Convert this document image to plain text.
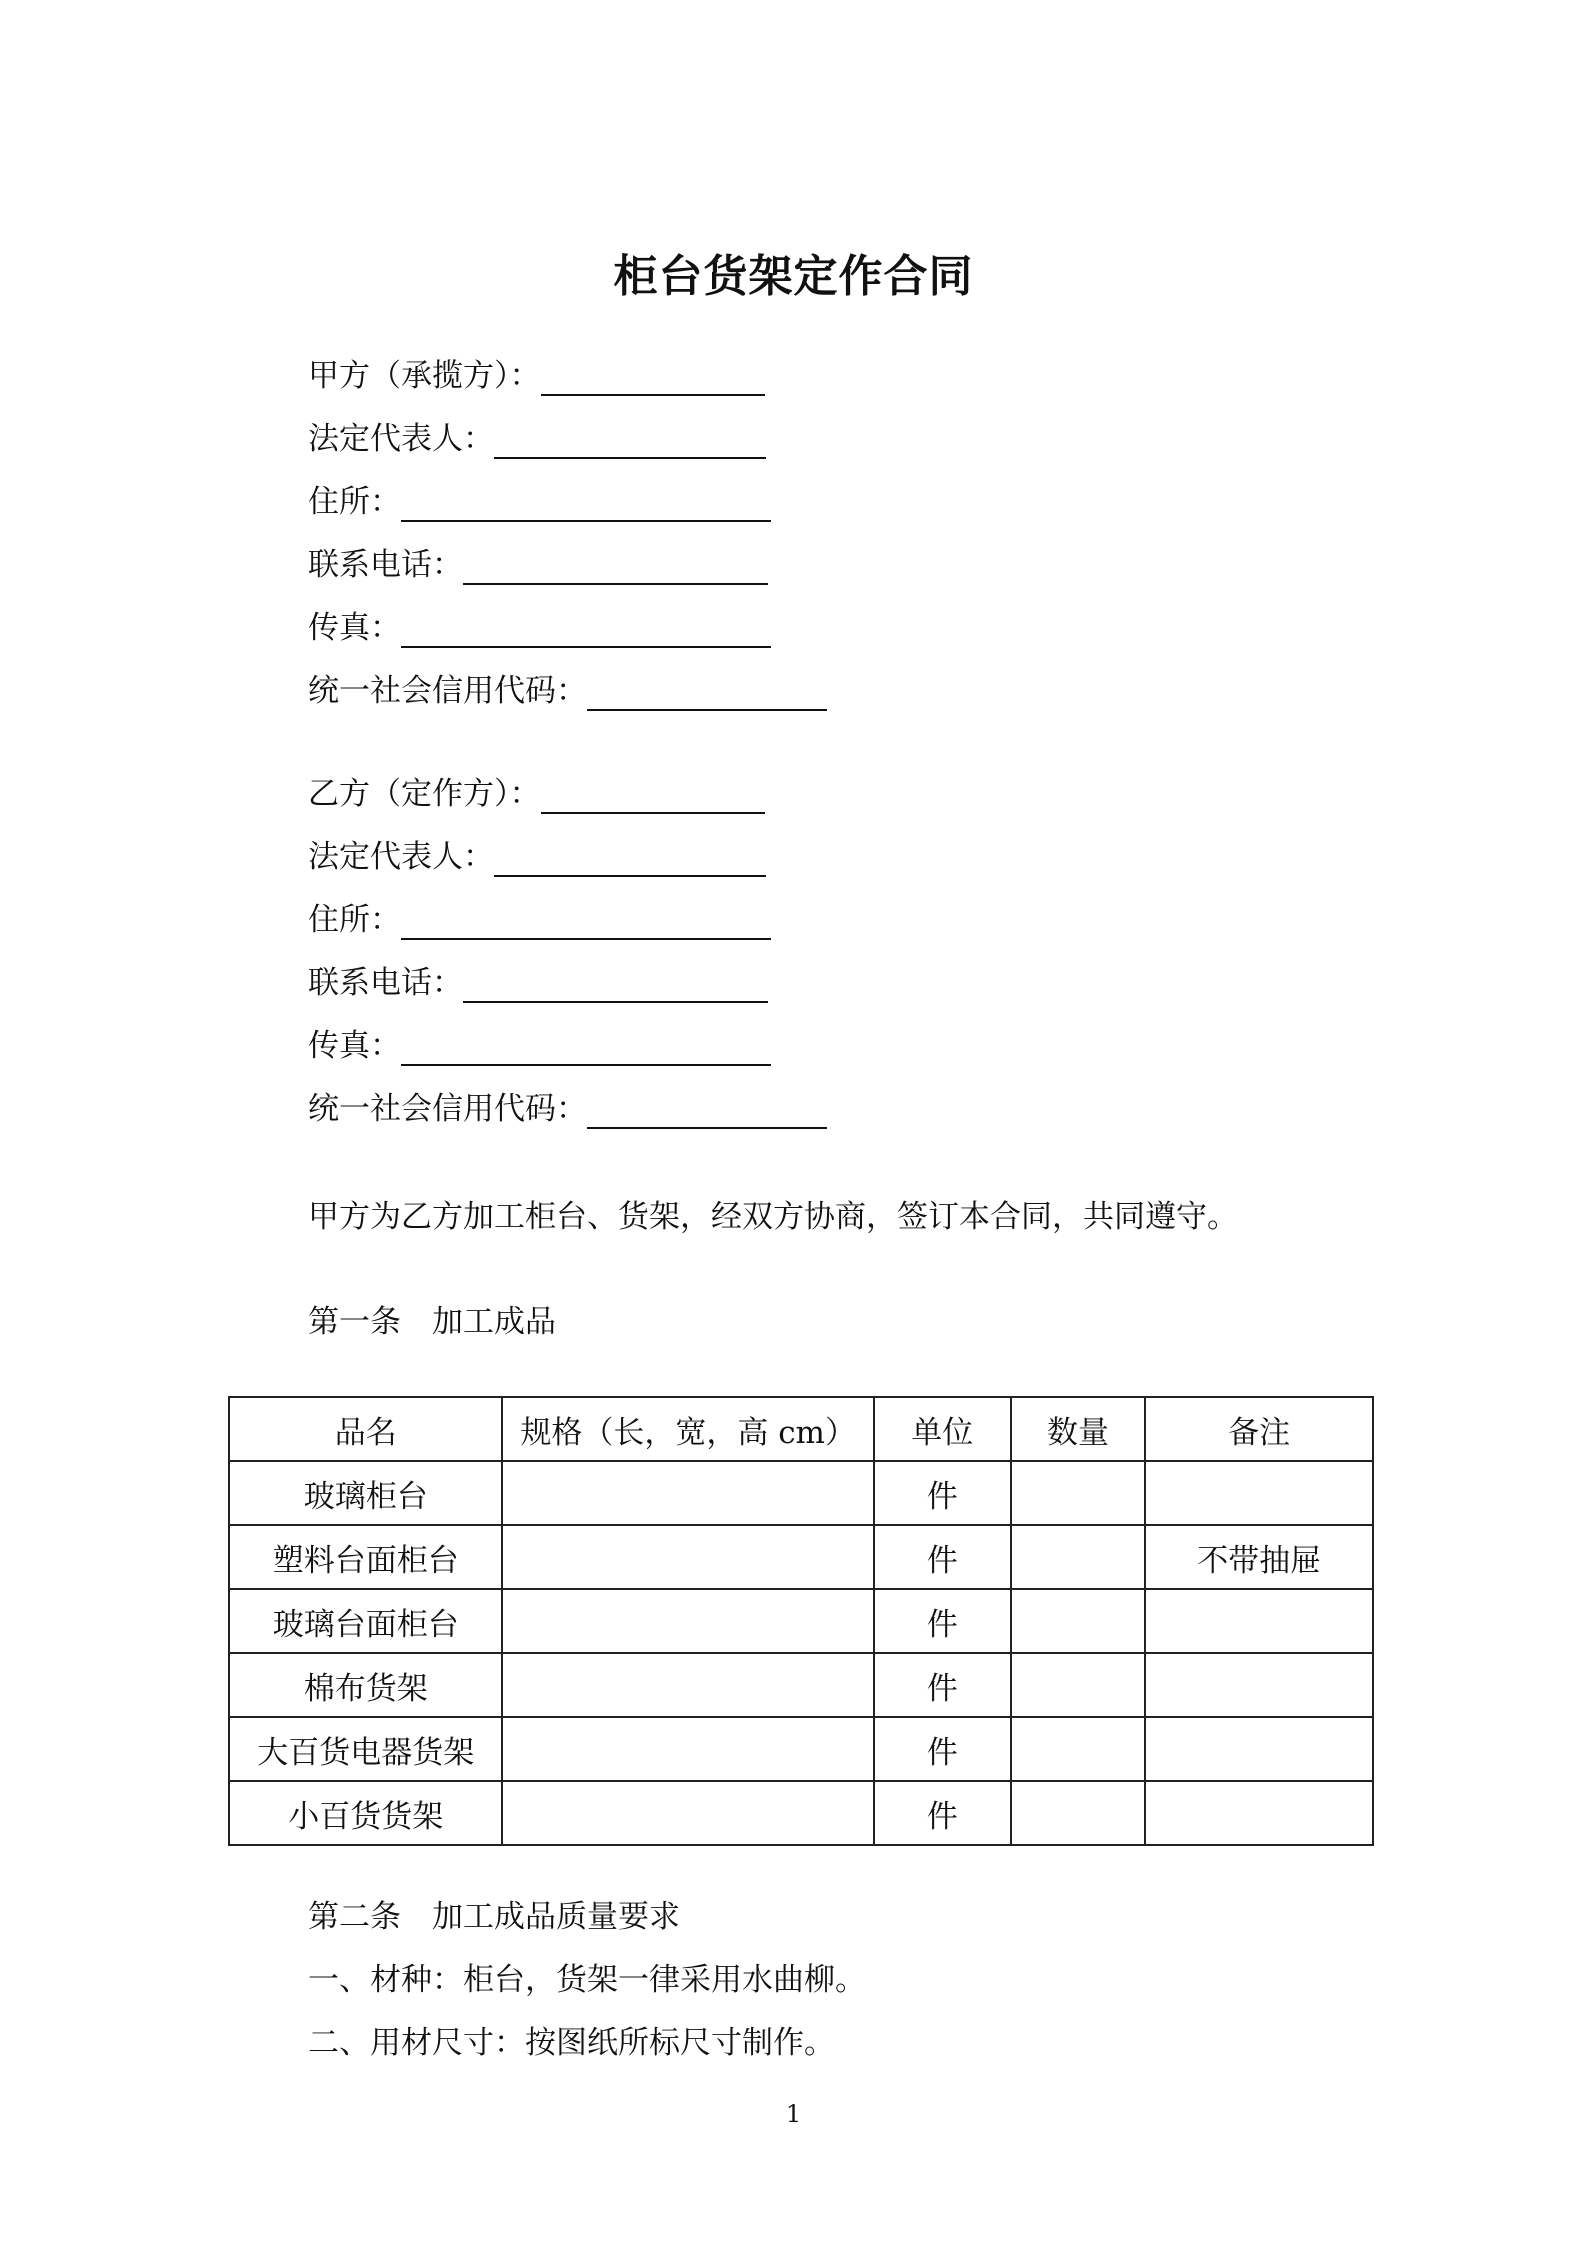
柜台货架定作合同
甲方（承揽方）：
法定代表人：
住所：
联系电话：
传真：
统一社会信用代码：
乙方（定作方）：
法定代表人：
住所：
联系电话：
传真：
统一社会信用代码：
甲方为乙方加工柜台、货架，经双方协商，签订本合同，共同遵守。
第一条　加工成品
品名	规格（长，宽，高 cm）	单位	数量	备注
玻璃柜台		件		
塑料台面柜台		件		不带抽屉
玻璃台面柜台		件		
棉布货架		件		
大百货电器货架		件		
小百货货架		件		
第二条　加工成品质量要求
一、材种：柜台，货架一律采用水曲柳。
二、用材尺寸：按图纸所标尺寸制作。
1
